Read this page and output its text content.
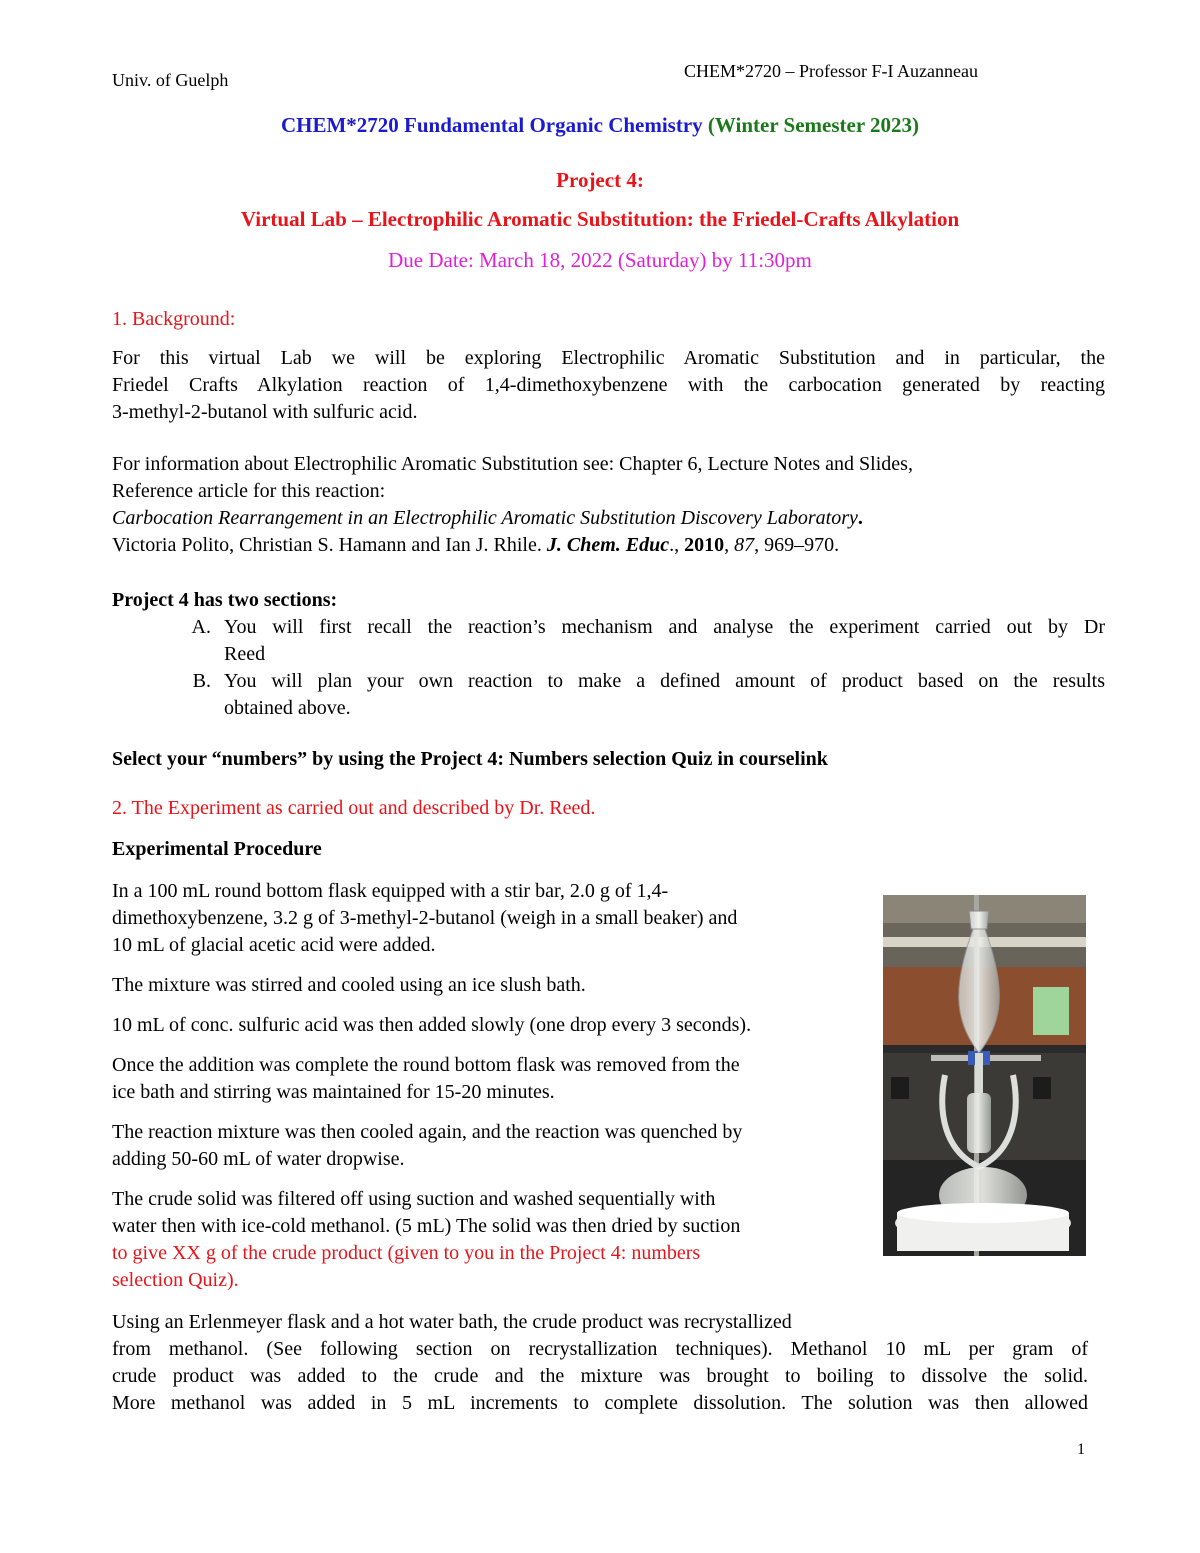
Univ. of Guelph	CHEM*2720 – Professor F-I Auzanneau
CHEM*2720 Fundamental Organic Chemistry (Winter Semester 2023)
Project 4:
Virtual Lab – Electrophilic Aromatic Substitution: the Friedel-Crafts Alkylation
Due Date: March 18, 2022 (Saturday) by 11:30pm
1. Background:
For this virtual Lab we will be exploring Electrophilic Aromatic Substitution and in particular, the
Friedel Crafts Alkylation reaction of 1,4-dimethoxybenzene with the carbocation generated by reacting
3-methyl-2-butanol with sulfuric acid.
For information about Electrophilic Aromatic Substitution see: Chapter 6, Lecture Notes and Slides,
Reference article for this reaction:
Carbocation Rearrangement in an Electrophilic Aromatic Substitution Discovery Laboratory.
Victoria Polito, Christian S. Hamann and Ian J. Rhile. J. Chem. Educ., 2010, 87, 969–970.
Project 4 has two sections:
A. You will first recall the reaction’s mechanism and analyse the experiment carried out by Dr
Reed
B. You will plan your own reaction to make a defined amount of product based on the results
obtained above.
Select your “numbers” by using the Project 4: Numbers selection Quiz in courselink
2. The Experiment as carried out and described by Dr. Reed.
Experimental Procedure

In a 100 mL round bottom flask equipped with a stir bar, 2.0 g of 1,4-
dimethoxybenzene, 3.2 g of 3-methyl-2-butanol (weigh in a small beaker) and
10 mL of glacial acetic acid were added.

The mixture was stirred and cooled using an ice slush bath.

10 mL of conc. sulfuric acid was then added slowly (one drop every 3 seconds).

Once the addition was complete the round bottom flask was removed from the
ice bath and stirring was maintained for 15-20 minutes.

The reaction mixture was then cooled again, and the reaction was quenched by
adding 50-60 mL of water dropwise.

The crude solid was filtered off using suction and washed sequentially with
water then with ice-cold methanol. (5 mL) The solid was then dried by suction
to give XX g of the crude product (given to you in the Project 4: numbers
selection Quiz).

Using an Erlenmeyer flask and a hot water bath, the crude product was recrystallized
from methanol. (See following section on recrystallization techniques). Methanol 10 mL per gram of
crude product was added to the crude and the mixture was brought to boiling to dissolve the solid.
More methanol was added in 5 mL increments to complete dissolution. The solution was then allowed
1
